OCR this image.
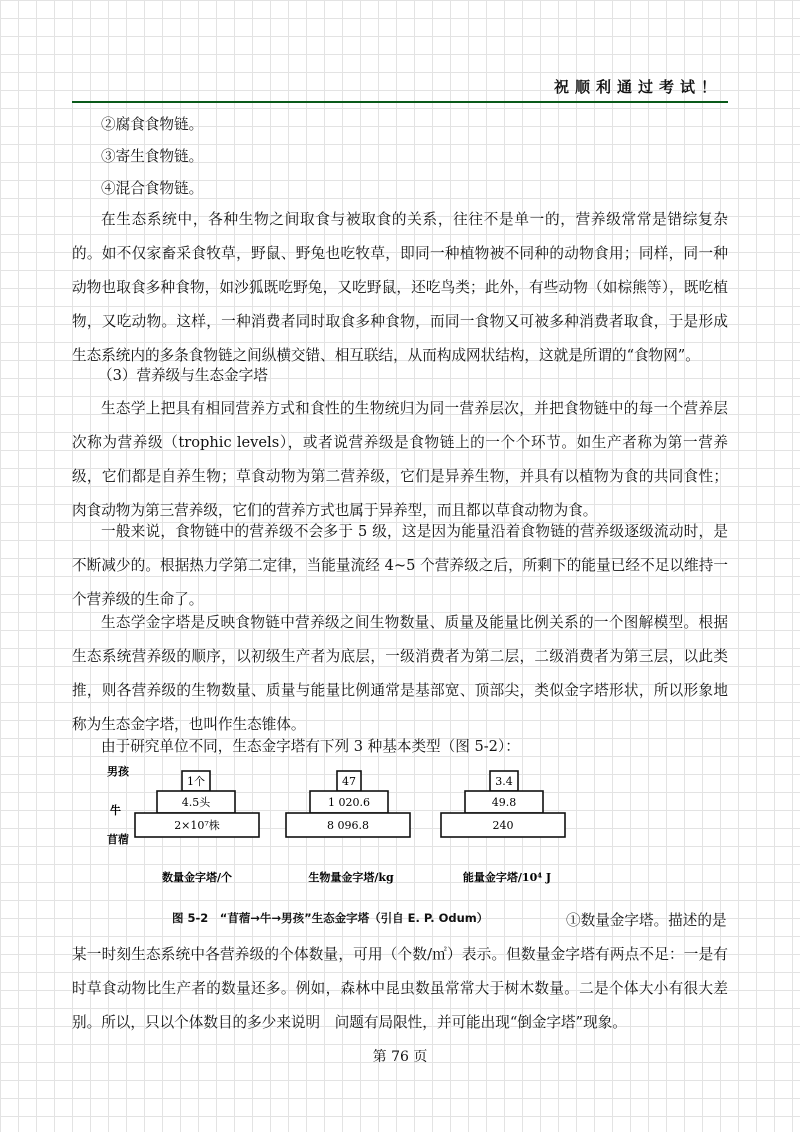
祝顺利通过考试！

②腐食食物链。

③寄生食物链。

④混合食物链。

在生态系统中，各种生物之间取食与被取食的关系，往往不是单一的，营养级常常是错综复杂的。如不仅家畜采食牧草，野鼠、野兔也吃牧草，即同一种植物被不同种的动物食用；同样，同一种动物也取食多种食物，如沙狐既吃野兔，又吃野鼠，还吃鸟类；此外，有些动物（如棕熊等），既吃植物，又吃动物。这样，一种消费者同时取食多种食物，而同一食物又可被多种消费者取食，于是形成生态系统内的多条食物链之间纵横交错、相互联结，从而构成网状结构，这就是所谓的“食物网”。

（3）营养级与生态金字塔

生态学上把具有相同营养方式和食性的生物统归为同一营养层次，并把食物链中的每一个营养层次称为营养级（trophic levels），或者说营养级是食物链上的一个个环节。如生产者称为第一营养级，它们都是自养生物；草食动物为第二营养级，它们是异养生物，并具有以植物为食的共同食性；肉食动物为第三营养级，它们的营养方式也属于异养型，而且都以草食动物为食。

一般来说，食物链中的营养级不会多于 5 级，这是因为能量沿着食物链的营养级逐级流动时，是不断减少的。根据热力学第二定律，当能量流经 4~5 个营养级之后，所剩下的能量已经不足以维持一个营养级的生命了。

生态学金字塔是反映食物链中营养级之间生物数量、质量及能量比例关系的一个图解模型。根据生态系统营养级的顺序，以初级生产者为底层，一级消费者为第二层，二级消费者为第三层，以此类推，则各营养级的生物数量、质量与能量比例通常是基部宽、顶部尖，类似金字塔形状，所以形象地称为生态金字塔，也叫作生态锥体。

由于研究单位不同，生态金字塔有下列 3 种基本类型（图 5-2）：

男孩
牛
苜蓿
1个
4.5头
2×10⁷株
数量金字塔/个
47
1 020.6
8 096.8
生物量金字塔/kg
3.4
49.8
240
能量金字塔/10⁴ J
图 5-2　“苜蓿→牛→男孩”生态金字塔（引自 E. P. Odum）	①数量金字塔。描述的是

某一时刻生态系统中各营养级的个体数量，可用（个数/㎡）表示。但数量金字塔有两点不足：一是有时草食动物比生产者的数量还多。例如，森林中昆虫数虽常常大于树木数量。二是个体大小有很大差别。所以，只以个体数目的多少来说明　问题有局限性，并可能出现“倒金字塔”现象。

第 76 页
